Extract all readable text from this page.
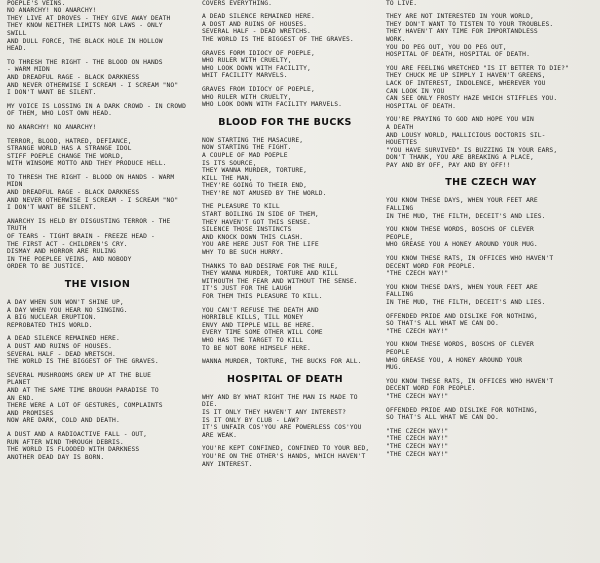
POEPLE'S VEINS.
NO ANARCHY! NO ANARCHY!
THEY LIVE AT DROVES - THEY GIVE AWAY DEATH
THEY KNOW NEITHER LIMITS NOR LAWS - ONLY
SWILL
AND DULL FORCE, THE BLACK HOLE IN HOLLOW
HEAD.
TO THRESH THE RIGHT - THE BLOOD ON HANDS
- WARM MIDN
AND DREADFUL RAGE - BLACK DARKNESS
AND NEVER OTHERWISE I SCREAM - I SCREAM "NO"
I DON'T WANT BE SILENT.
MY VOICE IS LOSSING IN A DARK CROWD - IN CROWD
OF THEM, WHO LOST OWN HEAD.
NO ANARCHY! NO ANARCHY!
TERROR, BLOOD, HATRED, DEFIANCE,
STRANGE WORLD HAS A STRANGE IDOL
STIFF POEPLE CHANGE THE WORLD,
WITH WINSOME MOTTO AND THEY PRODUCE HELL.
TO THRESH THE RIGHT - BLOOD ON HANDS - WARM
MIDN
AND DREADFUL RAGE - BLACK DARKNESS
AND NEVER OTHERWISE I SCREAM - I SCREAM "NO"
I DON'T WANT BE SILENT.
ANARCHY IS HELD BY DISGUSTING TERROR - THE
TRUTH
OF TEARS - TIGHT BRAIN - FREEZE HEAD -
THE FIRST ACT - CHILDREN'S CRY.
DISMAY AND HORROR ARE RULING
IN THE POEPLEE VEINS, AND NOBODY
ORDER TO BE JUSTICE.
THE VISION
A DAY WHEN SUN WON'T SHINE UP,
A DAY WHEN YOU HEAR NO SINGING.
A BIG NUCLEAR ERUPTION.
REPROBATED THIS WORLD.
A DEAD SILENCE REMAINED HERE.
A DUST AND RUINS OF HOUSES.
SEVERAL HALF - DEAD WRETSCH.
THE WORLD IS THE BIGGEST OF THE GRAVES.
SEVERAL MUSHROOMS GREW UP AT THE BLUE
PLANET
AND AT THE SAME TIME BROUGH PARADISE TO
AN END.
THERE WERE A LOT OF GESTURES, COMPLAINTS
AND PROMISES
NOW ARE DARK, COLD AND DEATH.
A DUST AND A RADIOACTIVE FALL - OUT,
RUN AFTER WIND THROUGH DEBRIS.
THE WORLD IS FLOODED WITH DARKNESS
ANOTHER DEAD DAY IS BORN.
COVERS EVERYTHING.
A DEAD SILENCE REMAINED HERE.
A DOST AND RUINS OF HOUSES.
SEVERAL HALF - DEAD WRETCHS.
THE WORLD IS THE BIGGEST OF THE GRAVES.
GRAVES FORM IDIOCY OF POEPLE,
WHO RULER WITH CRUELTY,
WHO LOOK DOWN WITH FACILITY,
WHIT FACILITY MARVELS.
GRAVES FROM IDIOCY OF POEPLE,
WHO RULER WITH CRUELTY,
WHO LOOK DOWN WITH FACILITY MARVELS.
BLOOD FOR THE BUCKS
NOW STARTING THE MASACURE,
NOW STARTING THE FIGHT.
A COUPLE OF MAD POEPLE
IS ITS SOURCE,
THEY WANNA MURDER, TORTURE,
KILL THE MAN,
THEY'RE GOING TO THEIR END,
THEY'RE NOT AMUSED BY THE WORLD.
THE PLEASURE TO KILL
START BOILING IN SIDE OF THEM,
THEY HAVEN'T GOT THIS SENSE.
SILENCE THOSE INSTINCTS
AND KNOCK DOWN THIS CLASH.
YOU ARE HERE JUST FOR THE LIFE
WHY TO BE SUCH HURRY.
THANKS TO BAD DESIRWE FOR THE RULE,
THEY WANNA MURDER, TORTURE AND KILL
WITHOUTH THE FEAR AND WITHOUT THE SENSE.
IT'S JUST FOR THE LAUGH
FOR THEM THIS PLEASURE TO KILL.
YOU CAN'T REFUSE THE DEATH AND
HORRIBLE KILLS, TILL MONEY
ENVY AND TIPPLE WILL BE HERE.
EVERY TIME SOME OTHER WILL COME
WHO HAS THE TARGET TO KILL
TO BE NOT BORE HIMSELF HERE.
WANNA MURDER, TORTURE, THE BUCKS FOR ALL.
HOSPITAL OF DEATH
WHY AND BY WHAT RIGHT THE MAN IS MADE TO
DIE.
IS IT ONLY THEY HAVEN'T ANY INTEREST?
IS IT ONLY BY CLUB - LAW?
IT'S UNFAIR COS'YOU ARE POWERLESS COS'YOU
ARE WEAK.
YOU'RE KEPT CONFINED, CONFINED TO YOUR BED,
YOU'RE ON THE OTHER'S HANDS, WHICH HAVEN'T
ANY INTEREST.
TO LIVE.
THEY ARE NOT INTERESTED IN YOUR WORLD,
THEY DON'T WANT TO TISTEN TO YOUR TROUBLES.
THEY HAVEN'T ANY TIME FOR IMPORTANDLESS
WORK.
YOU DO PEG OUT, YOU DO PEG OUT,
HOSPITAL OF DEATH, HOSPITAL OF DEATH.
YOU ARE FEELING WRETCHED "IS IT BETTER TO DIE?"
THEY CHUCK ME UP SIMPLY I HAVEN'T GREENS,
LACK OF INTEREST, INDOLENCE, WHEREVER YOU
CAN LOOK IN YOU
CAN SEE ONLY FROSTY HAZE WHICH STIFFLES YOU.
HOSPITAL OF DEATH.
YOU'RE PRAYING TO GOD AND HOPE YOU WIN
A DEATH
AND LOUSY WORLD, MALLICIOUS DOCTORIS SIL-
HOUETTES
"YOU HAVE SURVIVED" IS BUZZING IN YOUR EARS,
DON'T THANK, YOU ARE BREAKING A PLACE,
PAY AND BY OFF, PAY AND BY OFF!!
THE CZECH WAY
YOU KNOW THESE DAYS, WHEN YOUR FEET ARE
FALLING
IN THE MUD, THE FILTH, DECEIT'S AND LIES.
YOU KNOW THESE WORDS, BOSCHS OF CLEVER
PEOPLE,
WHO GREASE YOU A HONEY AROUND YOUR MUG.
YOU KNOW THESE RATS, IN OFFICES WHO HAVEN'T
DECENT WORD FOR PEOPLE.
"THE CZECH WAY!"
YOU KNOW THESE DAYS, WHEN YOUR FEET ARE
FALLING
IN THE MUD, THE FILTH, DECEIT'S AND LIES.
OFFENDED PRIDE AND DISLIKE FOR NOTHING,
SO THAT'S ALL WHAT WE CAN DO.
"THE CZECH WAY!"
YOU KNOW THESE WORDS, BOSCHS OF CLEVER
PEOPLE
WHO GREASE YOU, A HONEY AROUND YOUR
MUG.
YOU KNOW THESE RATS, IN OFFICES WHO HAVEN'T
DECENT WORD FOR PEOPLE.
"THE CZECH WAY!"
OFFENDED PRIDE AND DISLIKE FOR NOTHING,
SO THAT'S ALL WHAT WE CAN DO.
"THE CZECH WAY!"
"THE CZECH WAY!"
"THE CZECH WAY!"
"THE CZECH WAY!"
